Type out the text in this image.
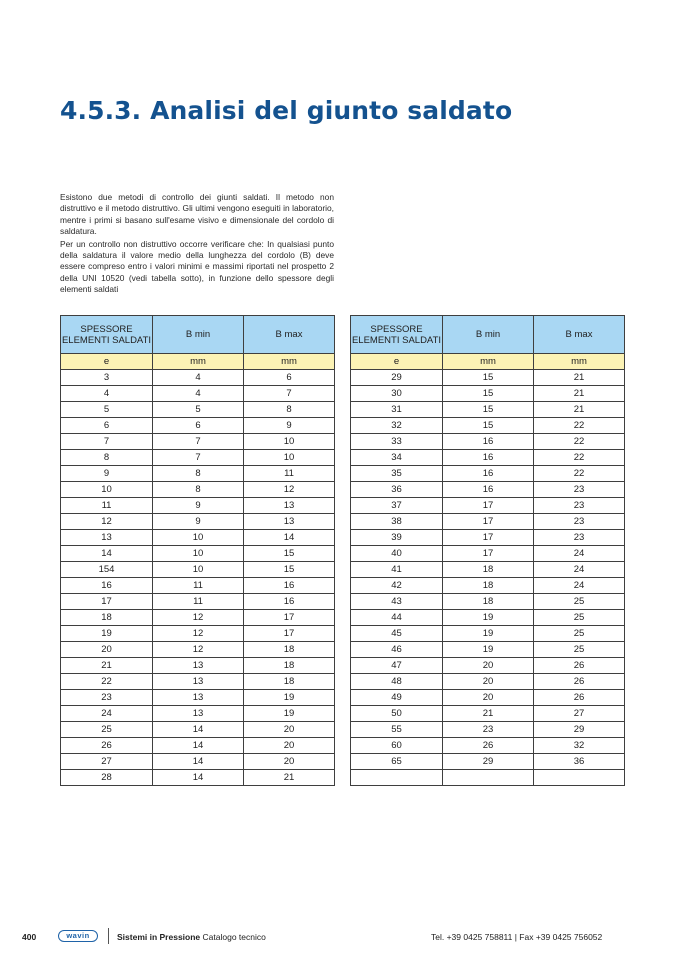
4.5.3. Analisi del giunto saldato

Esistono due metodi di controllo dei giunti saldati. Il metodo non distruttivo e il metodo distruttivo. Gli ultimi vengono eseguiti in laboratorio, mentre i primi si basano sull'esame visivo e dimensionale del cordolo di saldatura.

Per un controllo non distruttivo occorre verificare che: In qualsiasi punto della saldatura il valore medio della lunghezza del cordolo (B) deve essere compreso entro i valori minimi e massimi riportati nel prospetto 2 della UNI 10520 (vedi tabella sotto), in funzione dello spessore degli elementi saldati

SPESSORE ELEMENTI SALDATI	B min	B max
e	mm	mm
3	4	6
4	4	7
5	5	8
6	6	9
7	7	10
8	7	10
9	8	11
10	8	12
11	9	13
12	9	13
13	10	14
14	10	15
154	10	15
16	11	16
17	11	16
18	12	17
19	12	17
20	12	18
21	13	18
22	13	18
23	13	19
24	13	19
25	14	20
26	14	20
27	14	20
28	14	21
SPESSORE ELEMENTI SALDATI	B min	B max
e	mm	mm
29	15	21
30	15	21
31	15	21
32	15	22
33	16	22
34	16	22
35	16	22
36	16	23
37	17	23
38	17	23
39	17	23
40	17	24
41	18	24
42	18	24
43	18	25
44	19	25
45	19	25
46	19	25
47	20	26
48	20	26
49	20	26
50	21	27
55	23	29
60	26	32
65	29	36

400	wavin	Sistemi in Pressione Catalogo tecnico	Tel. +39 0425 758811 | Fax +39 0425 756052
